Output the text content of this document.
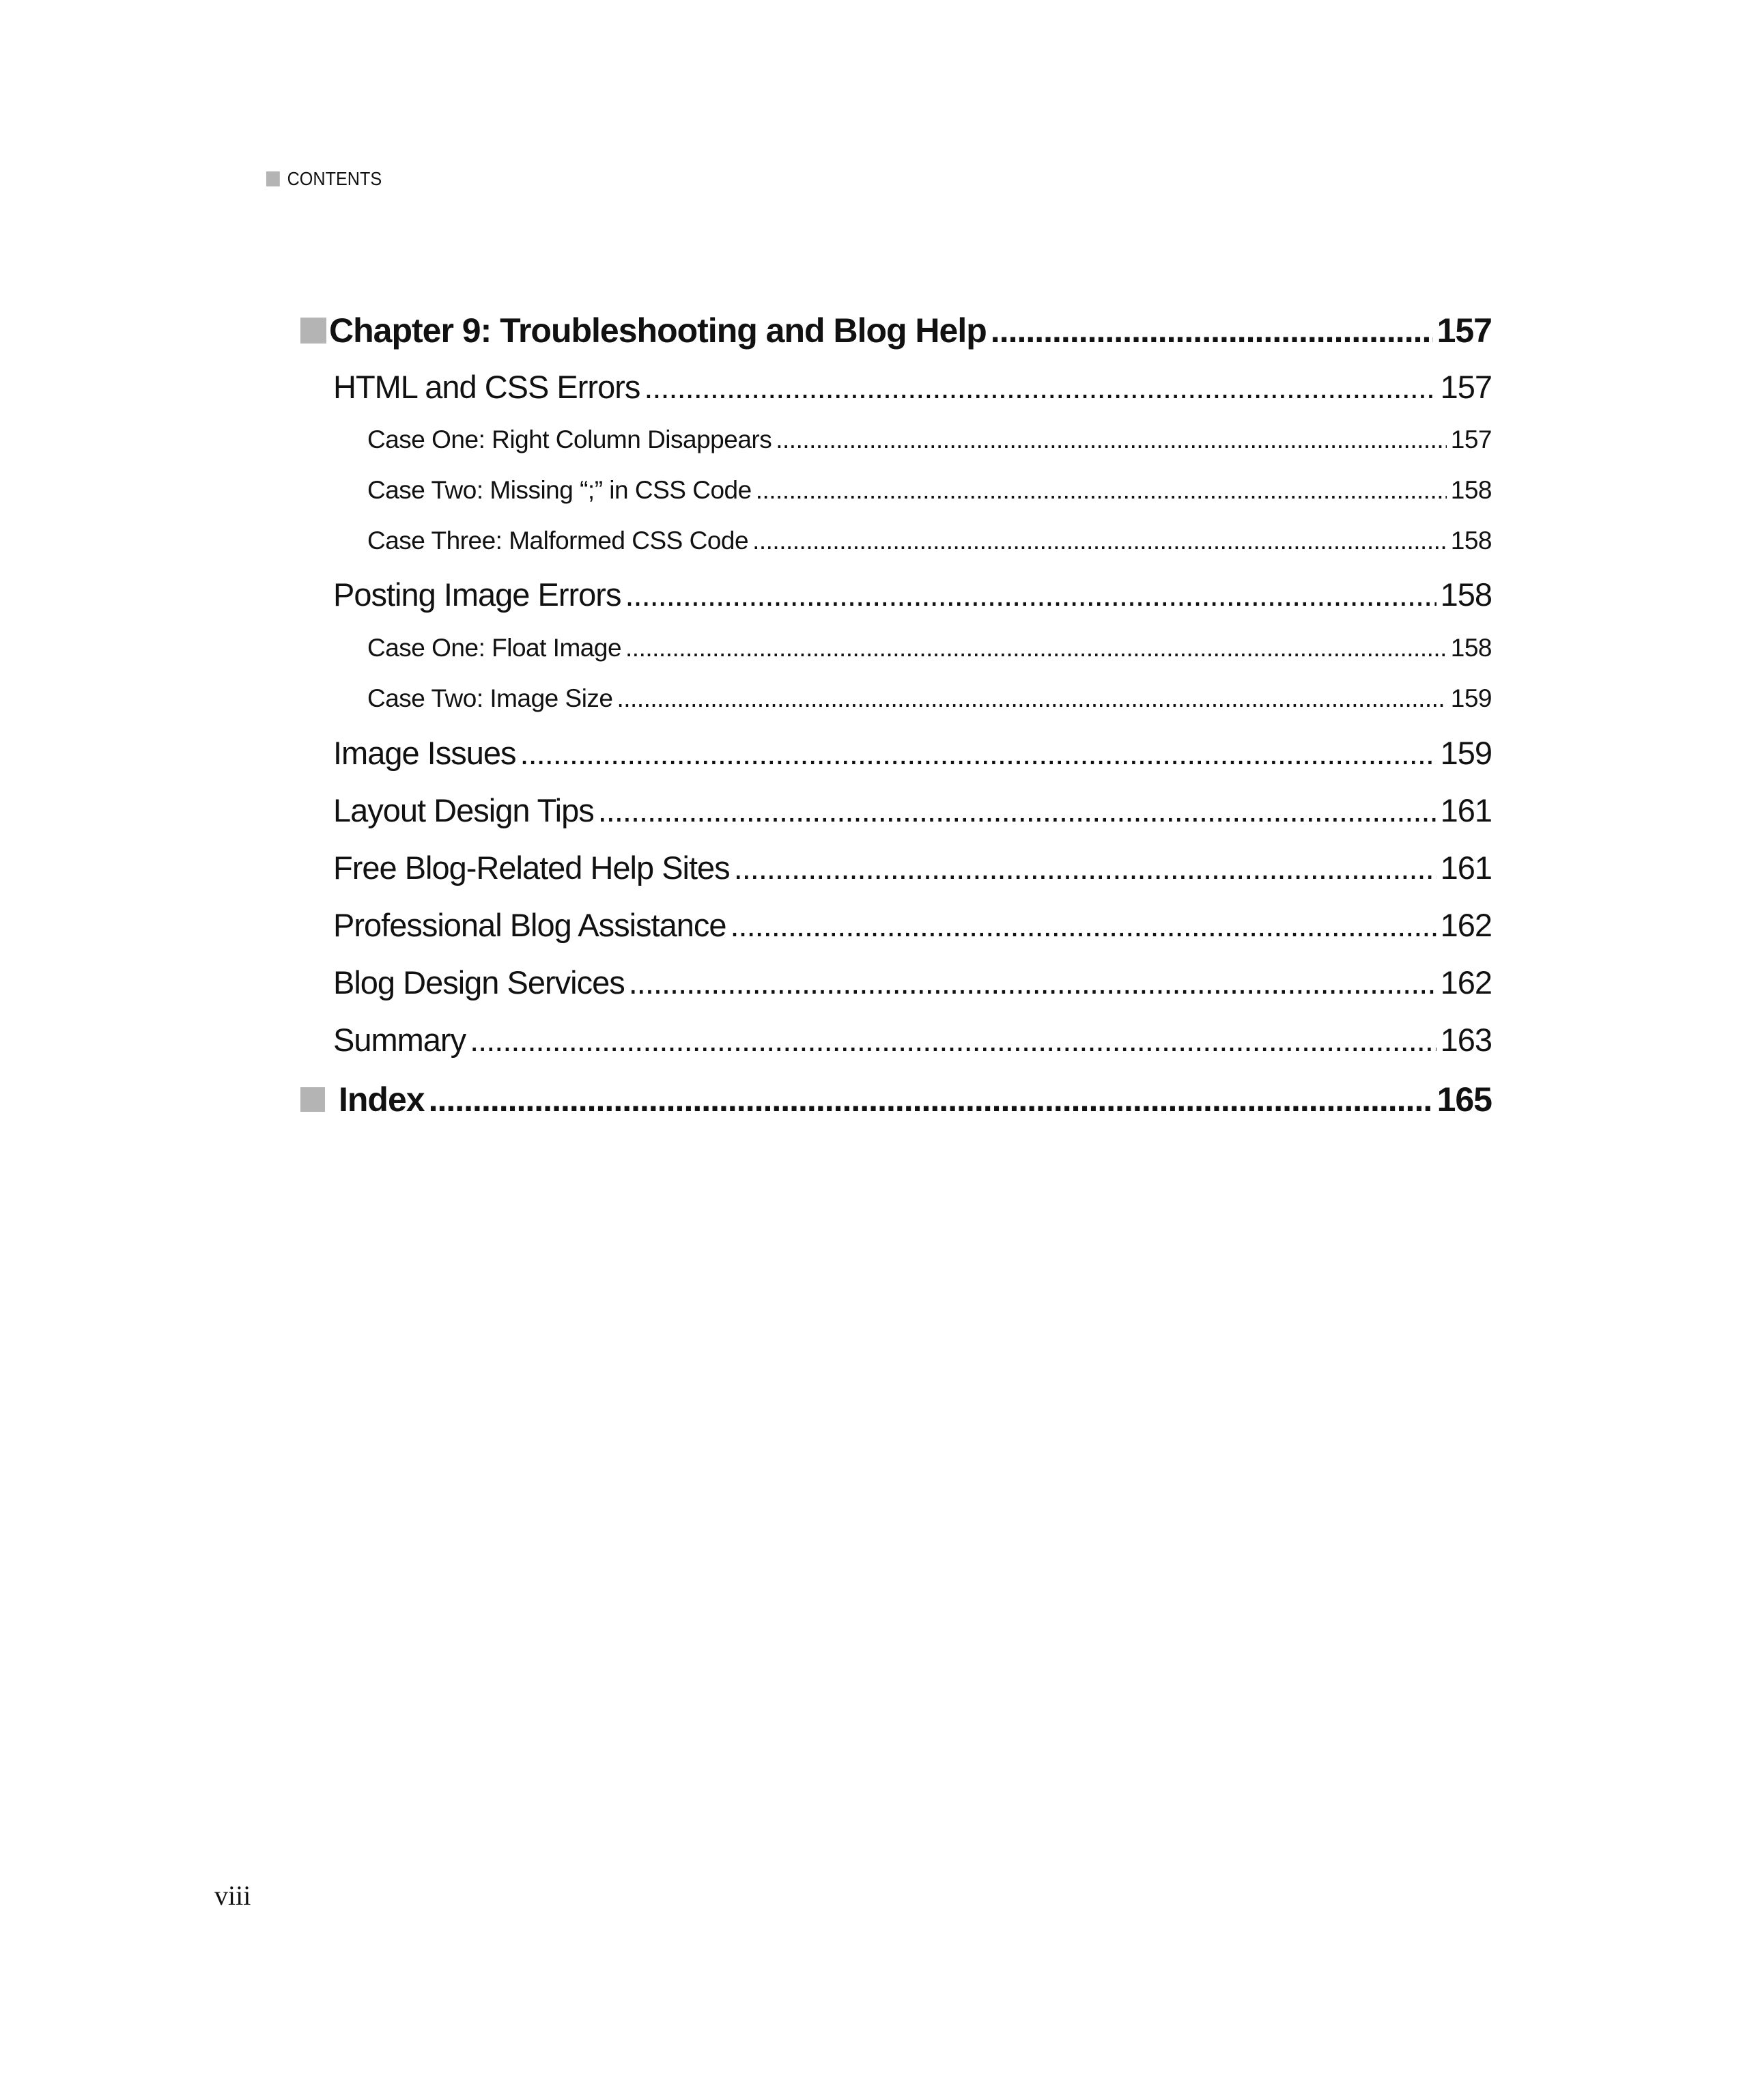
CONTENTS
Chapter 9: Troubleshooting and Blog Help .....	157
HTML and CSS Errors .....	157
Case One: Right Column Disappears .....	157
Case Two: Missing “;” in CSS Code .....	158
Case Three: Malformed CSS Code .....	158
Posting Image Errors .....	158
Case One: Float Image .....	158
Case Two: Image Size .....	159
Image Issues .....	159
Layout Design Tips .....	161
Free Blog-Related Help Sites .....	161
Professional Blog Assistance .....	162
Blog Design Services .....	162
Summary .....	163
Index .....	165
viii
